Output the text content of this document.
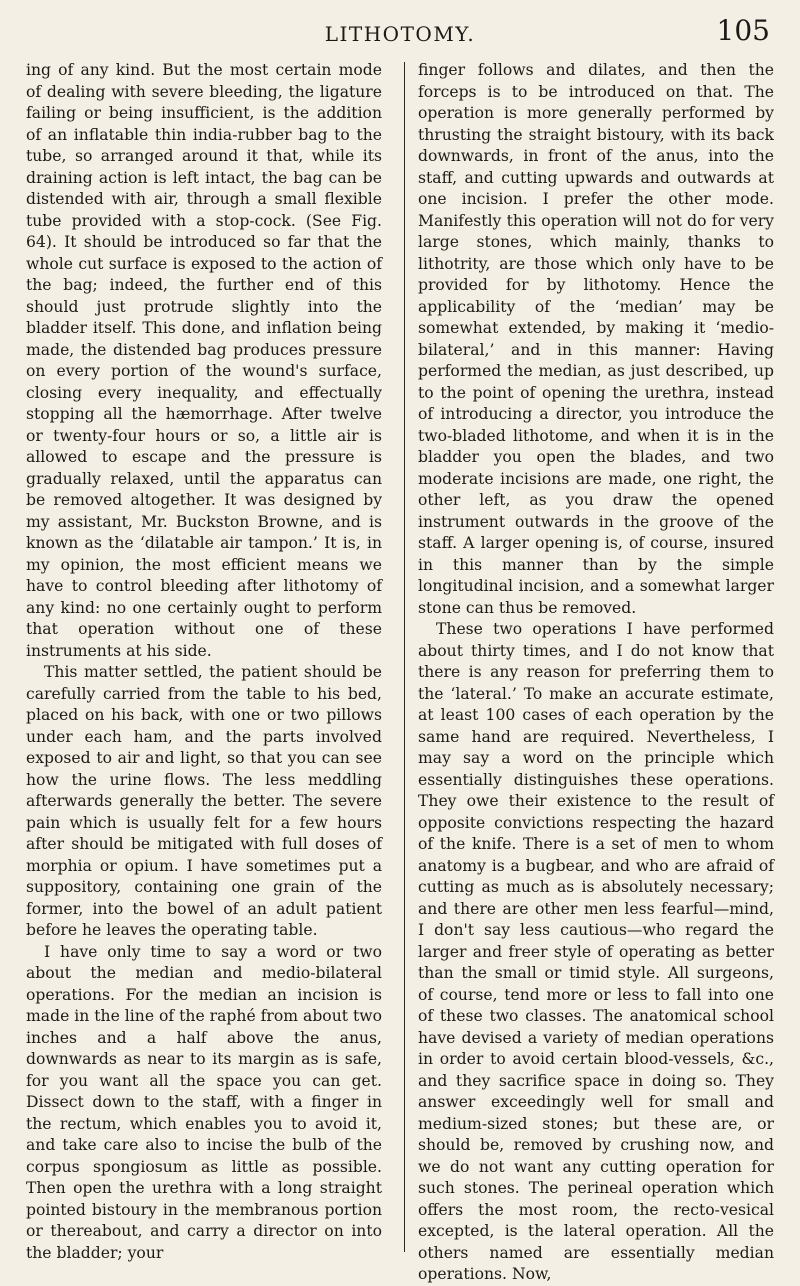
LITHOTOMY.	105

ing of any kind. But the most certain mode of dealing with severe bleeding, the ligature failing or being insufficient, is the addition of an inflatable thin india-rubber bag to the tube, so arranged around it that, while its draining action is left intact, the bag can be distended with air, through a small flexible tube provided with a stop-cock. (See Fig. 64). It should be introduced so far that the whole cut surface is exposed to the action of the bag; indeed, the further end of this should just protrude slightly into the bladder itself. This done, and inflation being made, the distended bag produces pressure on every portion of the wound's surface, closing every inequality, and effectually stopping all the hæmorrhage. After twelve or twenty-four hours or so, a little air is allowed to escape and the pressure is gradually relaxed, until the apparatus can be removed altogether. It was designed by my assistant, Mr. Buckston Browne, and is known as the ‘dilatable air tampon.’ It is, in my opinion, the most efficient means we have to control bleeding after lithotomy of any kind: no one certainly ought to perform that operation without one of these instruments at his side.

This matter settled, the patient should be carefully carried from the table to his bed, placed on his back, with one or two pillows under each ham, and the parts involved exposed to air and light, so that you can see how the urine flows. The less meddling afterwards generally the better. The severe pain which is usually felt for a few hours after should be mitigated with full doses of morphia or opium. I have sometimes put a suppository, containing one grain of the former, into the bowel of an adult patient before he leaves the operating table.

I have only time to say a word or two about the median and medio-bilateral operations. For the median an incision is made in the line of the raphé from about two inches and a half above the anus, downwards as near to its margin as is safe, for you want all the space you can get. Dissect down to the staff, with a finger in the rectum, which enables you to avoid it, and take care also to incise the bulb of the corpus spongiosum as little as possible. Then open the urethra with a long straight pointed bistoury in the membranous portion or thereabout, and carry a director on into the bladder; your

finger follows and dilates, and then the forceps is to be introduced on that. The operation is more generally performed by thrusting the straight bistoury, with its back downwards, in front of the anus, into the staff, and cutting upwards and outwards at one incision. I prefer the other mode. Manifestly this operation will not do for very large stones, which mainly, thanks to lithotrity, are those which only have to be provided for by lithotomy. Hence the applicability of the ‘median’ may be somewhat extended, by making it ‘medio-bilateral,’ and in this manner: Having performed the median, as just described, up to the point of opening the urethra, instead of introducing a director, you introduce the two-bladed lithotome, and when it is in the bladder you open the blades, and two moderate incisions are made, one right, the other left, as you draw the opened instrument outwards in the groove of the staff. A larger opening is, of course, insured in this manner than by the simple longitudinal incision, and a somewhat larger stone can thus be removed.

These two operations I have performed about thirty times, and I do not know that there is any reason for preferring them to the ‘lateral.’ To make an accurate estimate, at least 100 cases of each operation by the same hand are required. Nevertheless, I may say a word on the principle which essentially distinguishes these operations. They owe their existence to the result of opposite convictions respecting the hazard of the knife. There is a set of men to whom anatomy is a bugbear, and who are afraid of cutting as much as is absolutely necessary; and there are other men less fearful—mind, I don't say less cautious—who regard the larger and freer style of operating as better than the small or timid style. All surgeons, of course, tend more or less to fall into one of these two classes. The anatomical school have devised a variety of median operations in order to avoid certain blood-vessels, &c., and they sacrifice space in doing so. They answer exceedingly well for small and medium-sized stones; but these are, or should be, removed by crushing now, and we do not want any cutting operation for such stones. The perineal operation which offers the most room, the recto-vesical excepted, is the lateral operation. All the others named are essentially median operations. Now,
